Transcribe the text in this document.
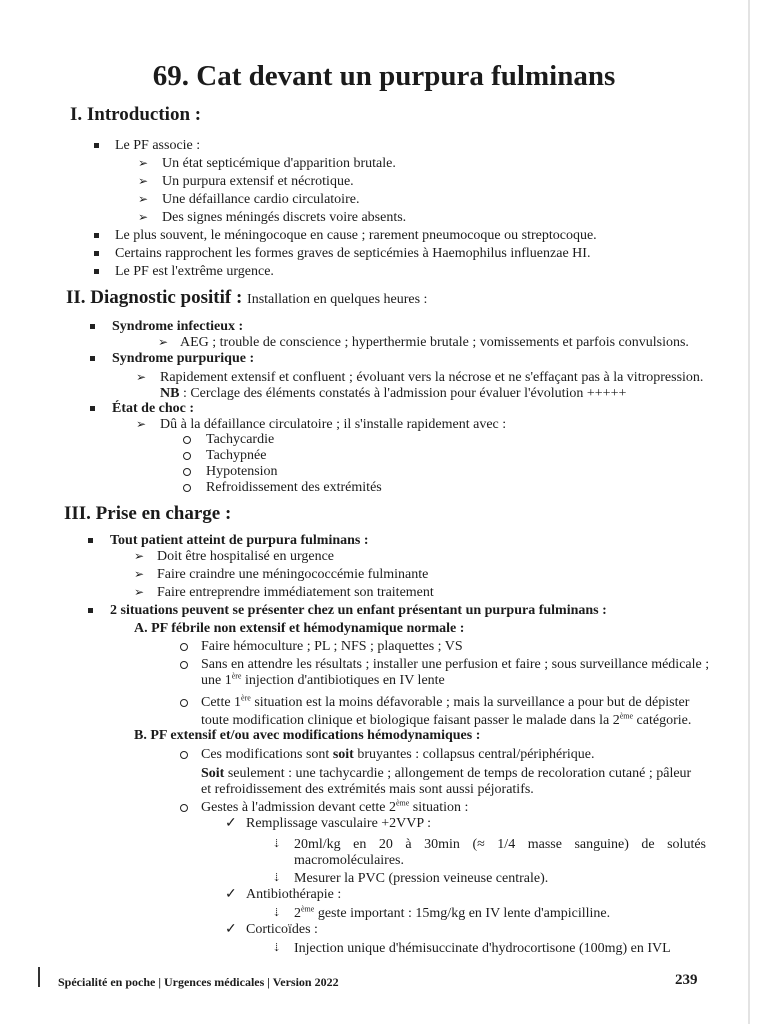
69. Cat devant un purpura fulminans
I. Introduction :
Le PF associe :
➢ Un état septicémique d'apparition brutale.
➢ Un purpura extensif et nécrotique.
➢ Une défaillance cardio circulatoire.
➢ Des signes méningés discrets voire absents.
Le plus souvent, le méningocoque en cause ; rarement pneumocoque ou streptocoque.
Certains rapprochent les formes graves de septicémies à Haemophilus influenzae HI.
Le PF est l'extrême urgence.
II. Diagnostic positif : Installation en quelques heures :
Syndrome infectieux :
➢ AEG ; trouble de conscience ; hyperthermie brutale ; vomissements et parfois convulsions.
Syndrome purpurique :
➢ Rapidement extensif et confluent ; évoluant vers la nécrose et ne s'effaçant pas à la vitropression.
NB : Cerclage des éléments constatés à l'admission pour évaluer l'évolution +++++
État de choc :
➢ Dû à la défaillance circulatoire ; il s'installe rapidement avec :
Tachycardie
Tachypnée
Hypotension
Refroidissement des extrémités
III. Prise en charge :
Tout patient atteint de purpura fulminans :
➢ Doit être hospitalisé en urgence
➢ Faire craindre une méningococcémie fulminante
➢ Faire entreprendre immédiatement son traitement
2 situations peuvent se présenter chez un enfant présentant un purpura fulminans :
A. PF fébrile non extensif et hémodynamique normale :
Faire hémoculture ; PL ; NFS ; plaquettes ; VS
Sans en attendre les résultats ; installer une perfusion et faire ; sous surveillance médicale ;
une 1ère injection d'antibiotiques en IV lente
Cette 1ère situation est la moins défavorable ; mais la surveillance a pour but de dépister
toute modification clinique et biologique faisant passer le malade dans la 2ème catégorie.
B. PF extensif et/ou avec modifications hémodynamiques :
Ces modifications sont soit bruyantes : collapsus central/périphérique.
Soit seulement : une tachycardie ; allongement de temps de recoloration cutané ; pâleur
et refroidissement des extrémités mais sont aussi péjoratifs.
Gestes à l'admission devant cette 2ème situation :
✓ Remplissage vasculaire +2VVP :
⇣ 20ml/kg en 20 à 30min (≈ 1/4 masse sanguine) de solutés
macromoléculaires.
⇣ Mesurer la PVC (pression veineuse centrale).
✓ Antibiothérapie :
⇣ 2ème geste important : 15mg/kg en IV lente d'ampicilline.
✓ Corticoïdes :
⇣ Injection unique d'hémisuccinate d'hydrocortisone (100mg) en IVL
Spécialité en poche | Urgences médicales | Version 2022	239
